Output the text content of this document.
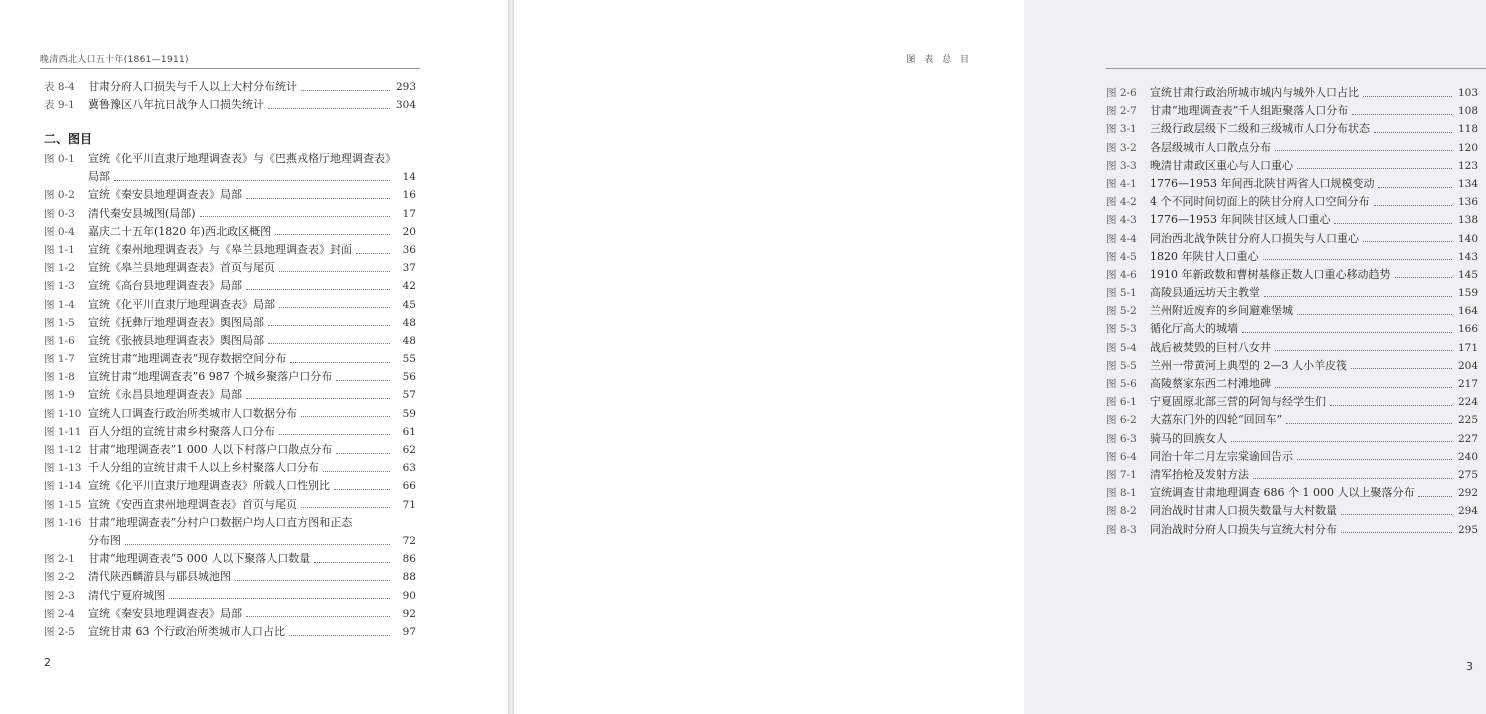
晚清西北人口五十年(1861—1911)
表 8-4	甘肃分府人口损失与千人以上大村分布统计	293
表 9-1	冀鲁豫区八年抗日战争人口损失统计	304
二、图目
图 0-1	宣统《化平川直隶厅地理调查表》与《巴燕戎格厅地理调查表》
局部	14
图 0-2	宣统《秦安县地理调查表》局部	16
图 0-3	清代秦安县城图(局部)	17
图 0-4	嘉庆二十五年(1820 年)西北政区概图	20
图 1-1	宣统《秦州地理调查表》与《皋兰县地理调查表》封面	36
图 1-2	宣统《皋兰县地理调查表》首页与尾页	37
图 1-3	宣统《高台县地理调查表》局部	42
图 1-4	宣统《化平川直隶厅地理调查表》局部	45
图 1-5	宣统《抚彝厅地理调查表》舆图局部	48
图 1-6	宣统《张掖县地理调查表》舆图局部	48
图 1-7	宣统甘肃“地理调查表”现存数据空间分布	55
图 1-8	宣统甘肃“地理调查表”6 987 个城乡聚落户口分布	56
图 1-9	宣统《永昌县地理调查表》局部	57
图 1-10 宣统人口调查行政治所类城市人口数据分布	59
图 1-11 百人分组的宣统甘肃乡村聚落人口分布	61
图 1-12 甘肃“地理调查表”1 000 人以下村落户口散点分布	62
图 1-13 千人分组的宣统甘肃千人以上乡村聚落人口分布	63
图 1-14 宣统《化平川直隶厅地理调查表》所载人口性别比	66
图 1-15 宣统《安西直隶州地理调查表》首页与尾页	71
图 1-16 甘肃“地理调查表”分村户口数据户均人口直方图和正态
分布图	72
图 2-1	甘肃“地理调查表”5 000 人以下聚落人口数量	86
图 2-2	清代陕西麟游县与郿县城池图	88
图 2-3	清代宁夏府城图	90
图 2-4	宣统《秦安县地理调查表》局部	92
图 2-5	宣统甘肃 63 个行政治所类城市人口占比	97
2
图 表 总 目
图 2-6	宣统甘肃行政治所城市城内与城外人口占比	103
图 2-7	甘肃“地理调查表”千人组距聚落人口分布	108
图 3-1	三级行政层级下二级和三级城市人口分布状态	118
图 3-2	各层级城市人口散点分布	120
图 3-3	晚清甘肃政区重心与人口重心	123
图 4-1	1776—1953 年间西北陕甘两省人口规模变动	134
图 4-2	4 个不同时间切面上的陕甘分府人口空间分布	136
图 4-3	1776—1953 年间陕甘区域人口重心	138
图 4-4	同治西北战争陕甘分府人口损失与人口重心	140
图 4-5	1820 年陕甘人口重心	143
图 4-6	1910 年新政数和曹树基修正数人口重心移动趋势	145
图 5-1	高陵县通远坊天主教堂	159
图 5-2	兰州附近废弃的乡间避难堡城	164
图 5-3	循化厅高大的城墙	166
图 5-4	战后被焚毁的巨村八女井	171
图 5-5	兰州一带黄河上典型的 2—3 人小羊皮筏	204
图 5-6	高陵蔡家东西二村滩地碑	217
图 6-1	宁夏固原北部三营的阿訇与经学生们	224
图 6-2	大荔东门外的四轮“回回车”	225
图 6-3	骑马的回族女人	227
图 6-4	同治十年二月左宗棠谕回告示	240
图 7-1	清军抬枪及发射方法	275
图 8-1	宣统调查甘肃地理调查 686 个 1 000 人以上聚落分布	292
图 8-2	同治战时甘肃人口损失数量与大村数量	294
图 8-3	同治战时分府人口损失与宣统大村分布	295
3
